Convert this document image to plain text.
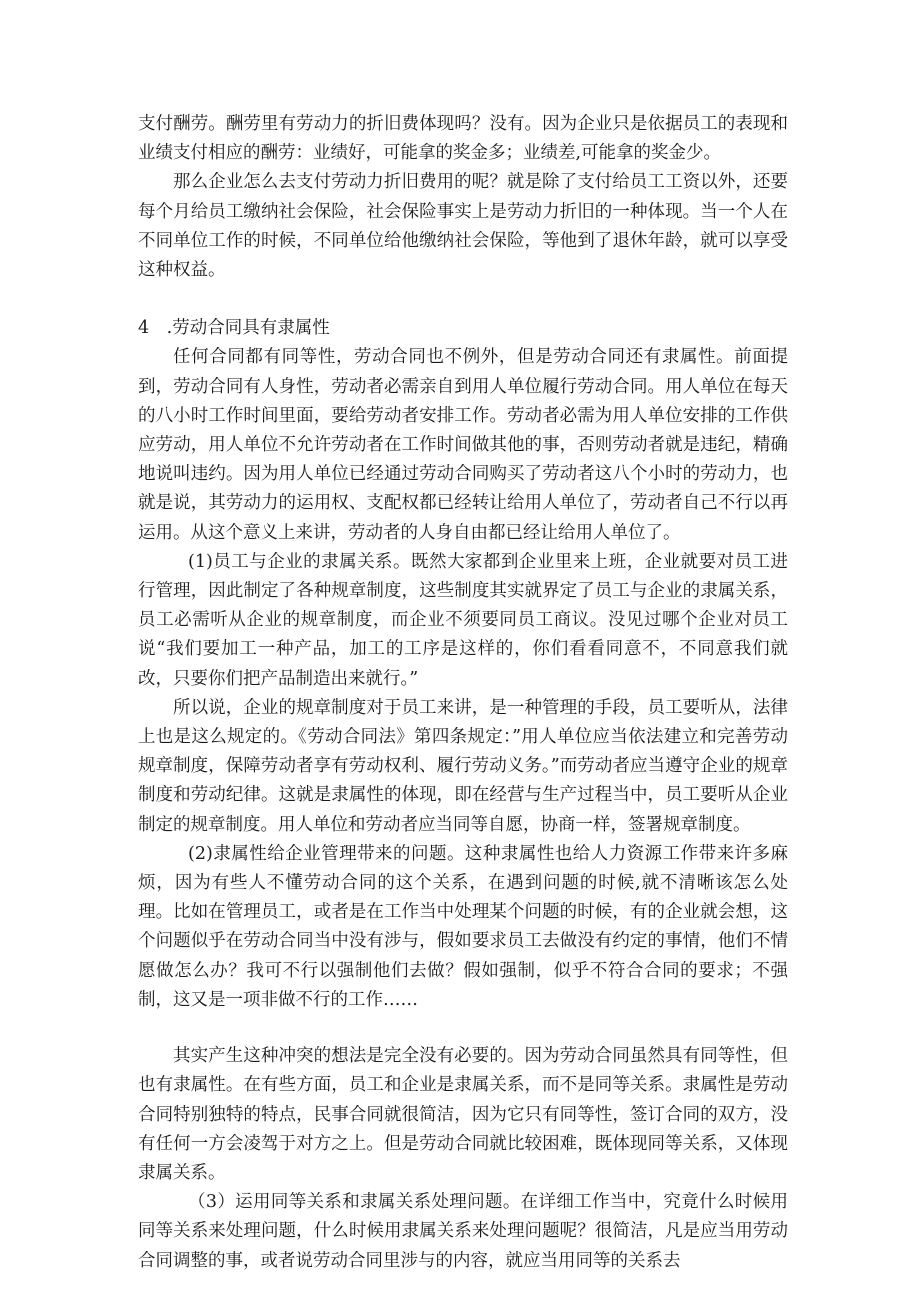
支付酬劳。酬劳里有劳动力的折旧费体现吗？没有。因为企业只是依据员工的表现和业绩支付相应的酬劳：业绩好，可能拿的奖金多；业绩差,可能拿的奖金少。

那么企业怎么去支付劳动力折旧费用的呢？就是除了支付给员工工资以外，还要每个月给员工缴纳社会保险，社会保险事实上是劳动力折旧的一种体现。当一个人在不同单位工作的时候，不同单位给他缴纳社会保险，等他到了退休年龄，就可以享受这种权益。

4　.劳动合同具有隶属性

任何合同都有同等性，劳动合同也不例外，但是劳动合同还有隶属性。前面提到，劳动合同有人身性，劳动者必需亲自到用人单位履行劳动合同。用人单位在每天的八小时工作时间里面，要给劳动者安排工作。劳动者必需为用人单位安排的工作供应劳动，用人单位不允许劳动者在工作时间做其他的事，否则劳动者就是违纪，精确地说叫违约。因为用人单位已经通过劳动合同购买了劳动者这八个小时的劳动力，也就是说，其劳动力的运用权、支配权都已经转让给用人单位了，劳动者自己不行以再运用。从这个意义上来讲，劳动者的人身自由都已经让给用人单位了。

(1)员工与企业的隶属关系。既然大家都到企业里来上班，企业就要对员工进行管理，因此制定了各种规章制度，这些制度其实就界定了员工与企业的隶属关系，员工必需听从企业的规章制度，而企业不须要同员工商议。没见过哪个企业对员工说“我们要加工一种产品，加工的工序是这样的，你们看看同意不，不同意我们就改，只要你们把产品制造出来就行。”

所以说，企业的规章制度对于员工来讲，是一种管理的手段，员工要听从，法律上也是这么规定的。《劳动合同法》第四条规定：”用人单位应当依法建立和完善劳动规章制度，保障劳动者享有劳动权利、履行劳动义务。”而劳动者应当遵守企业的规章制度和劳动纪律。这就是隶属性的体现，即在经营与生产过程当中，员工要听从企业制定的规章制度。用人单位和劳动者应当同等自愿，协商一样，签署规章制度。

(2)隶属性给企业管理带来的问题。这种隶属性也给人力资源工作带来许多麻烦，因为有些人不懂劳动合同的这个关系，在遇到问题的时候,就不清晰该怎么处理。比如在管理员工，或者是在工作当中处理某个问题的时候，有的企业就会想，这个问题似乎在劳动合同当中没有涉与，假如要求员工去做没有约定的事情，他们不情愿做怎么办？我可不行以强制他们去做？假如强制，似乎不符合合同的要求；不强制，这又是一项非做不行的工作……

其实产生这种冲突的想法是完全没有必要的。因为劳动合同虽然具有同等性，但也有隶属性。在有些方面，员工和企业是隶属关系，而不是同等关系。隶属性是劳动合同特别独特的特点，民事合同就很简洁，因为它只有同等性，签订合同的双方，没有任何一方会凌驾于对方之上。但是劳动合同就比较困难，既体现同等关系，又体现隶属关系。

（3）运用同等关系和隶属关系处理问题。在详细工作当中，究竟什么时候用同等关系来处理问题，什么时候用隶属关系来处理问题呢？很简洁，凡是应当用劳动合同调整的事，或者说劳动合同里涉与的内容，就应当用同等的关系去
